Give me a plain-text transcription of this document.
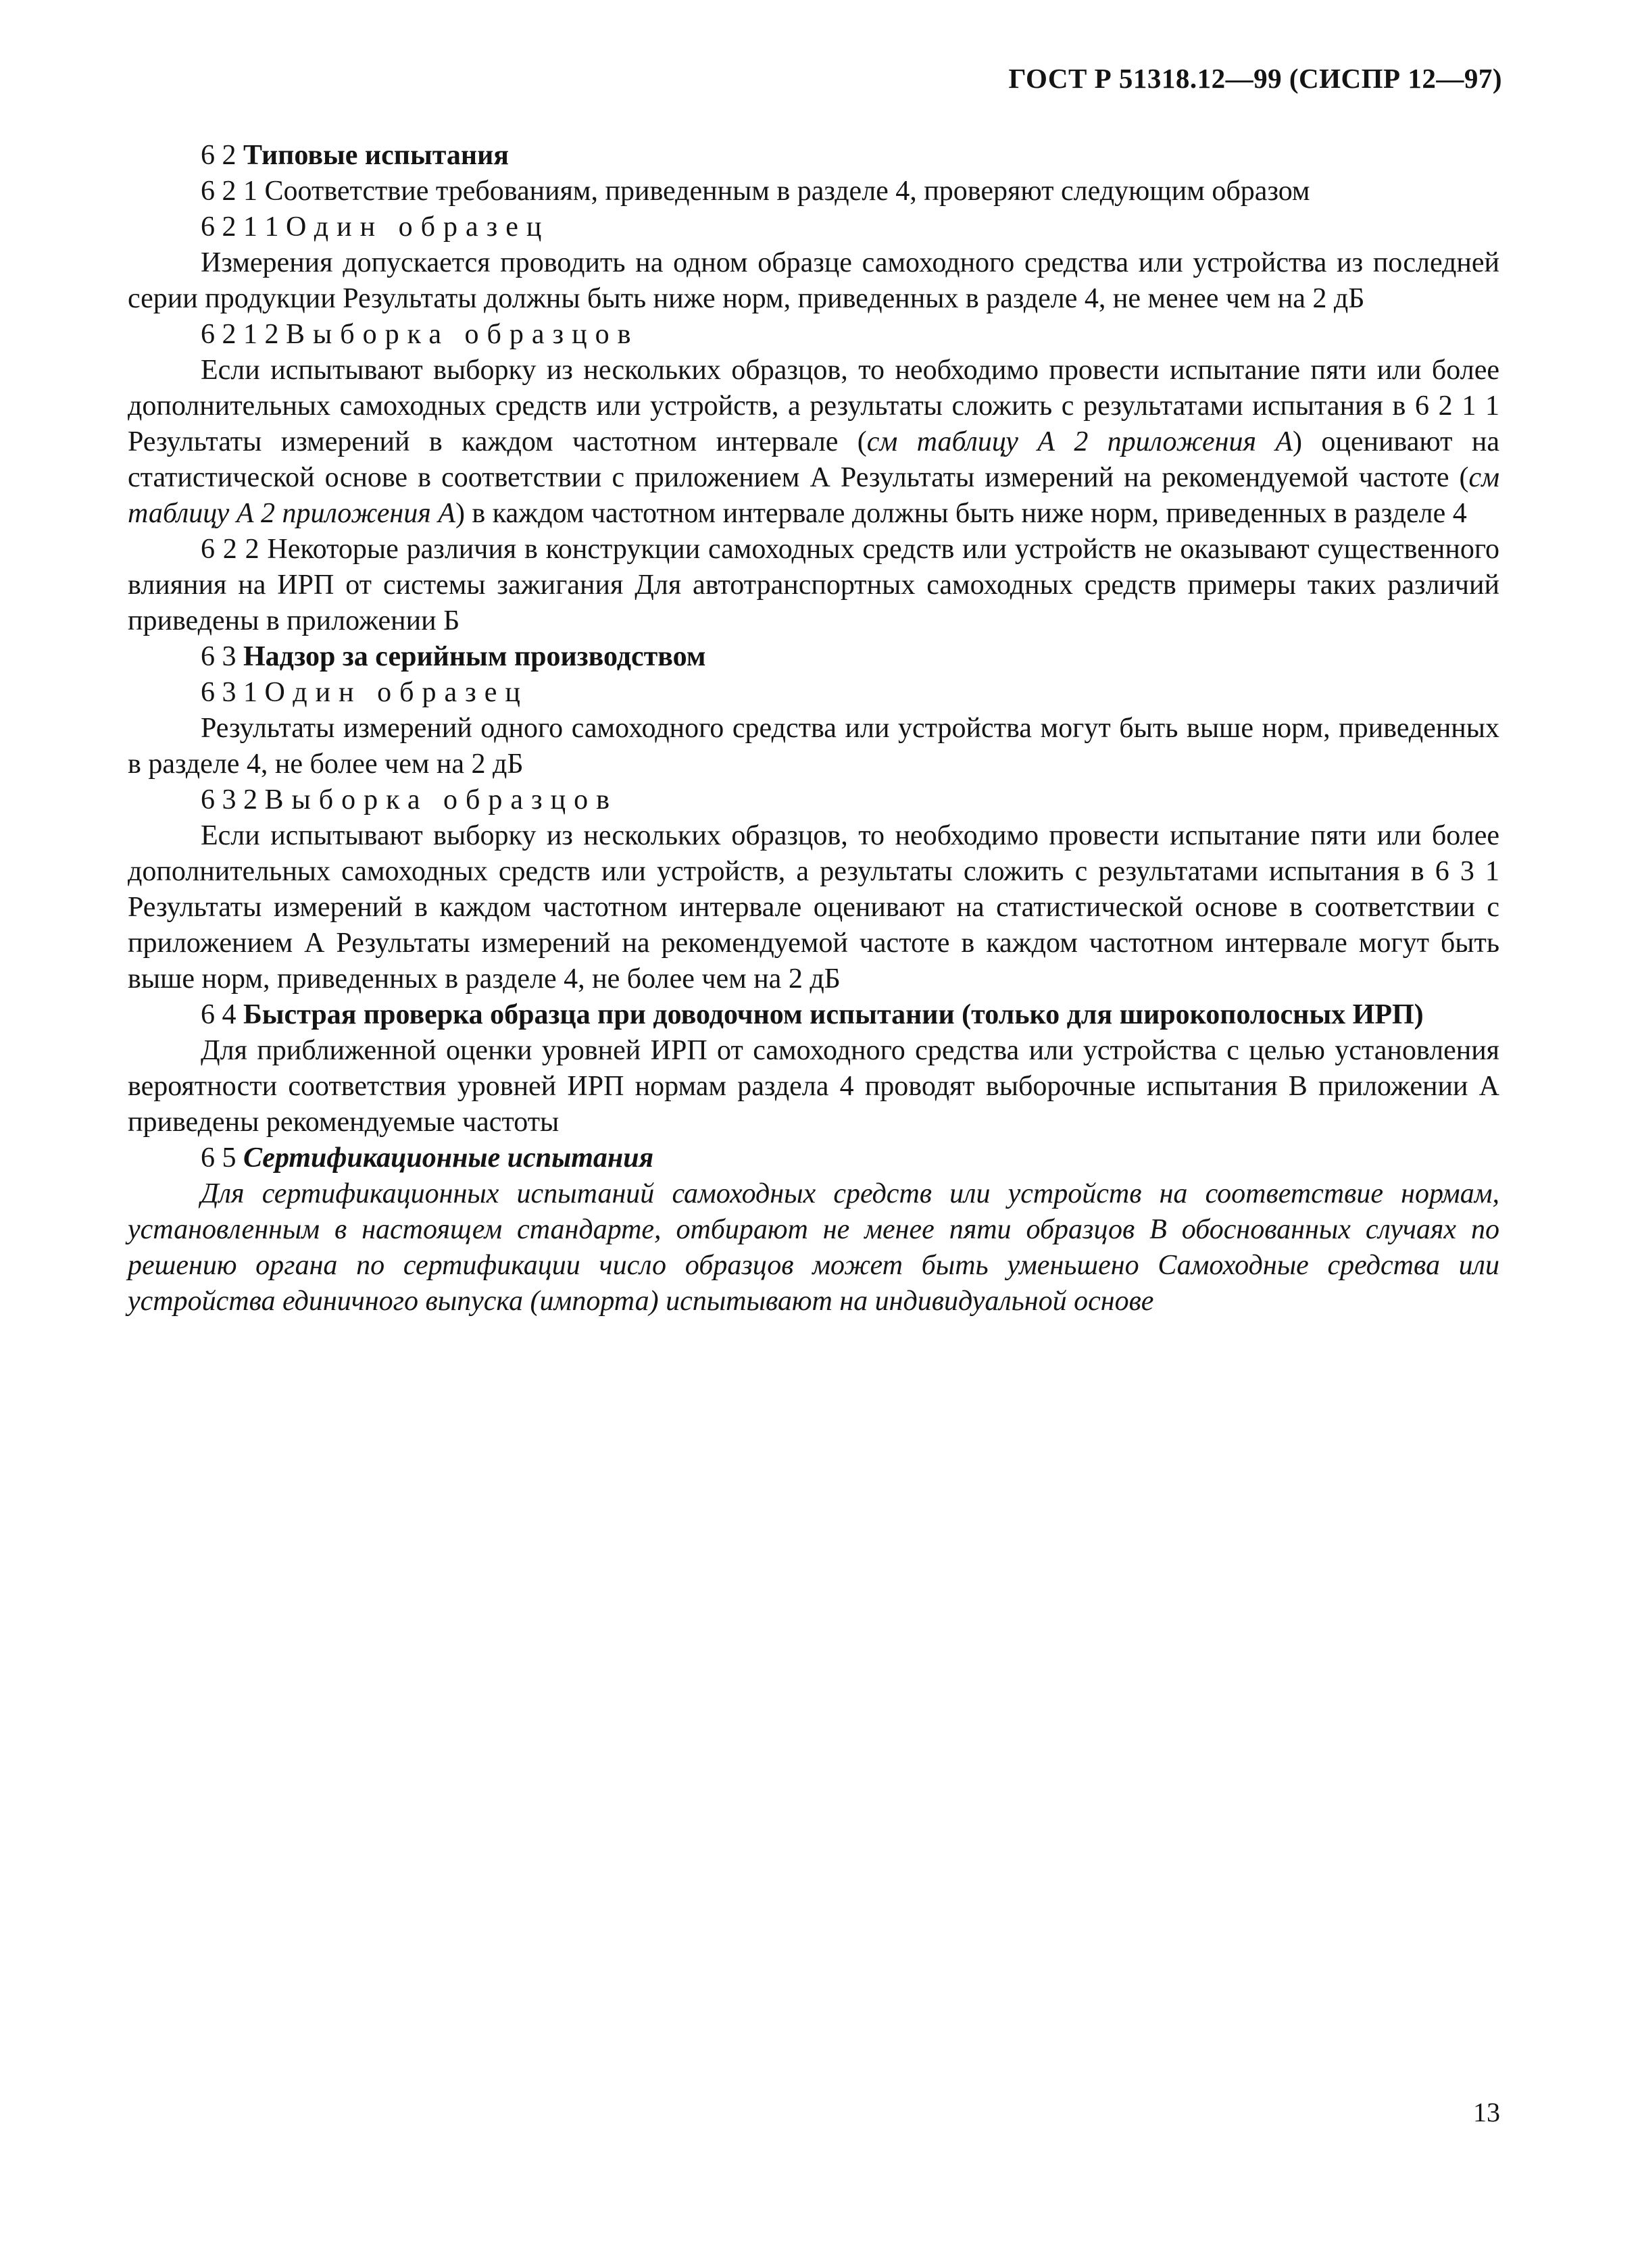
ГОСТ Р 51318.12—99 (СИСПР 12—97)

6 2 Типовые испытания

6 2 1 Соответствие требованиям, приведенным в разделе 4, проверяют следующим образом

6 2 1 1 Один образец

Измерения допускается проводить на одном образце самоходного средства или устройства из последней серии продукции Результаты должны быть ниже норм, приведенных в разделе 4, не менее чем на 2 дБ

6 2 1 2 Выборка образцов

Если испытывают выборку из нескольких образцов, то необходимо провести испытание пяти или более дополнительных самоходных средств или устройств, а результаты сложить с результатами испытания в 6 2 1 1 Результаты измерений в каждом частотном интервале (см таблицу А 2 приложения А) оценивают на статистической основе в соответствии с приложением А Результаты измерений на рекомендуемой частоте (см таблицу А 2 приложения А) в каждом частотном интервале должны быть ниже норм, приведенных в разделе 4

6 2 2 Некоторые различия в конструкции самоходных средств или устройств не оказывают существенного влияния на ИРП от системы зажигания Для автотранспортных самоходных средств примеры таких различий приведены в приложении Б

6 3 Надзор за серийным производством

6 3 1 Один образец

Результаты измерений одного самоходного средства или устройства могут быть выше норм, приведенных в разделе 4, не более чем на 2 дБ

6 3 2 Выборка образцов

Если испытывают выборку из нескольких образцов, то необходимо провести испытание пяти или более дополнительных самоходных средств или устройств, а результаты сложить с результатами испытания в 6 3 1 Результаты измерений в каждом частотном интервале оценивают на статистической основе в соответствии с приложением А Результаты измерений на рекомендуемой частоте в каждом частотном интервале могут быть выше норм, приведенных в разделе 4, не более чем на 2 дБ

6 4 Быстрая проверка образца при доводочном испытании (только для широкополосных ИРП)

Для приближенной оценки уровней ИРП от самоходного средства или устройства с целью установления вероятности соответствия уровней ИРП нормам раздела 4 проводят выборочные испытания В приложении А приведены рекомендуемые частоты

6 5 Сертификационные испытания

Для сертификационных испытаний самоходных средств или устройств на соответствие нормам, установленным в настоящем стандарте, отбирают не менее пяти образцов В обоснованных случаях по решению органа по сертификации число образцов может быть уменьшено Самоходные средства или устройства единичного выпуска (импорта) испытывают на индивидуальной основе

13
